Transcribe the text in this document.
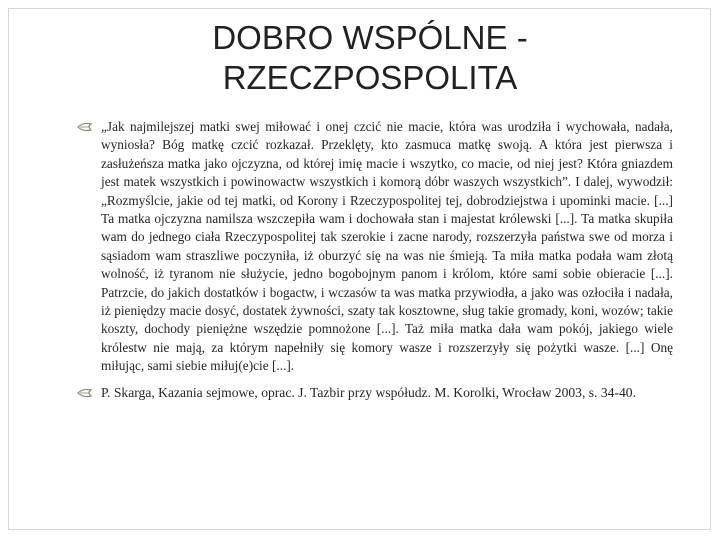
DOBRO WSPÓLNE -
RZECZPOSPOLITA

„Jak najmilejszej matki swej miłować i onej czcić nie macie, która was urodziła i wychowała, nadała, wyniosła? Bóg matkę czcić rozkazał. Przeklęty, kto zasmuca matkę swoją. A która jest pierwsza i zasłużeńsza matka jako ojczyzna, od której imię macie i wszytko, co macie, od niej jest? Która gniazdem jest matek wszystkich i powinowactw wszystkich i komorą dóbr waszych wszystkich”. I dalej, wywodził: „Rozmyślcie, jakie od tej matki, od Korony i Rzeczypospolitej tej, dobrodziejstwa i upominki macie. [...] Ta matka ojczyzna namilsza wszczepiła wam i dochowała stan i majestat królewski [...]. Ta matka skupiła wam do jednego ciała Rzeczypospolitej tak szerokie i zacne narody, rozszerzyła państwa swe od morza i sąsiadom wam straszliwe poczyniła, iż oburzyć się na was nie śmieją. Ta miła matka podała wam złotą wolność, iż tyranom nie służycie, jedno bogobojnym panom i królom, które sami sobie obieracie [...]. Patrzcie, do jakich dostatków i bogactw, i wczasów ta was matka przywiodła, a jako was ozłociła i nadała, iż pieniędzy macie dosyć, dostatek żywności, szaty tak kosztowne, sług takie gromady, koni, wozów; takie koszty, dochody pieniężne wszędzie pomnożone [...]. Taż miła matka dała wam pokój, jakiego wiele królestw nie mają, za którym napełniły się komory wasze i rozszerzyły się pożytki wasze. [...] Onę miłując, sami siebie miłuj(e)cie [...].

P. Skarga, Kazania sejmowe, oprac. J. Tazbir przy współudz. M. Korolki, Wrocław 2003, s. 34-40.
